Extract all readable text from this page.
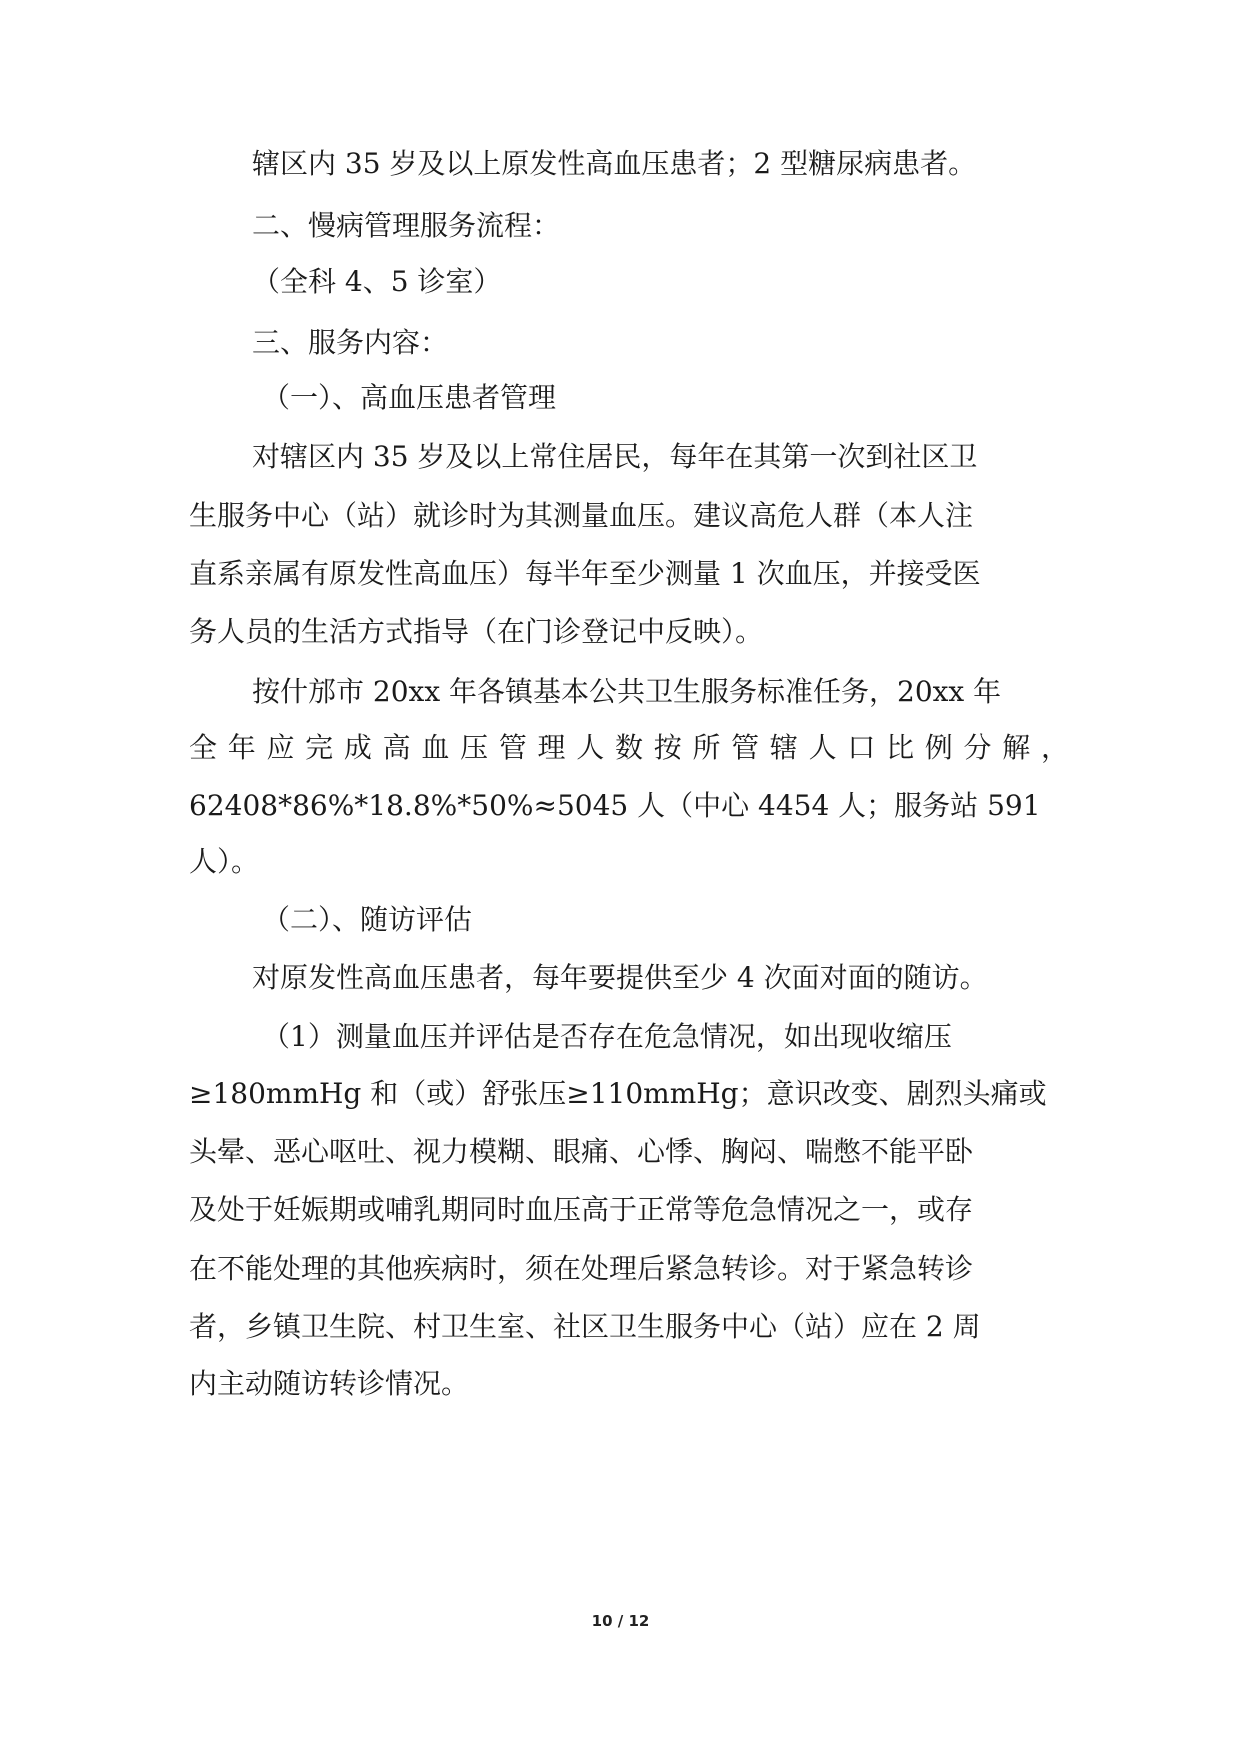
辖区内 35 岁及以上原发性高血压患者；2 型糖尿病患者。
二、慢病管理服务流程：
（全科 4、5 诊室）
三、服务内容：
（一）、高血压患者管理
对辖区内 35 岁及以上常住居民，每年在其第一次到社区卫
生服务中心（站）就诊时为其测量血压。建议高危人群（本人注
直系亲属有原发性高血压）每半年至少测量 1 次血压，并接受医
务人员的生活方式指导（在门诊登记中反映）。
按什邡市 20xx 年各镇基本公共卫生服务标准任务，20xx 年
全年应完成高血压管理人数按所管辖人口比例分解，
62408*86%*18.8%*50%≈5045 人（中心 4454 人；服务站 591
人）。
（二）、随访评估
对原发性高血压患者，每年要提供至少 4 次面对面的随访。
（1）测量血压并评估是否存在危急情况，如出现收缩压
≥180mmHg 和（或）舒张压≥110mmHg；意识改变、剧烈头痛或
头晕、恶心呕吐、视力模糊、眼痛、心悸、胸闷、喘憋不能平卧
及处于妊娠期或哺乳期同时血压高于正常等危急情况之一，或存
在不能处理的其他疾病时，须在处理后紧急转诊。对于紧急转诊
者，乡镇卫生院、村卫生室、社区卫生服务中心（站）应在 2 周
内主动随访转诊情况。
10 / 12
